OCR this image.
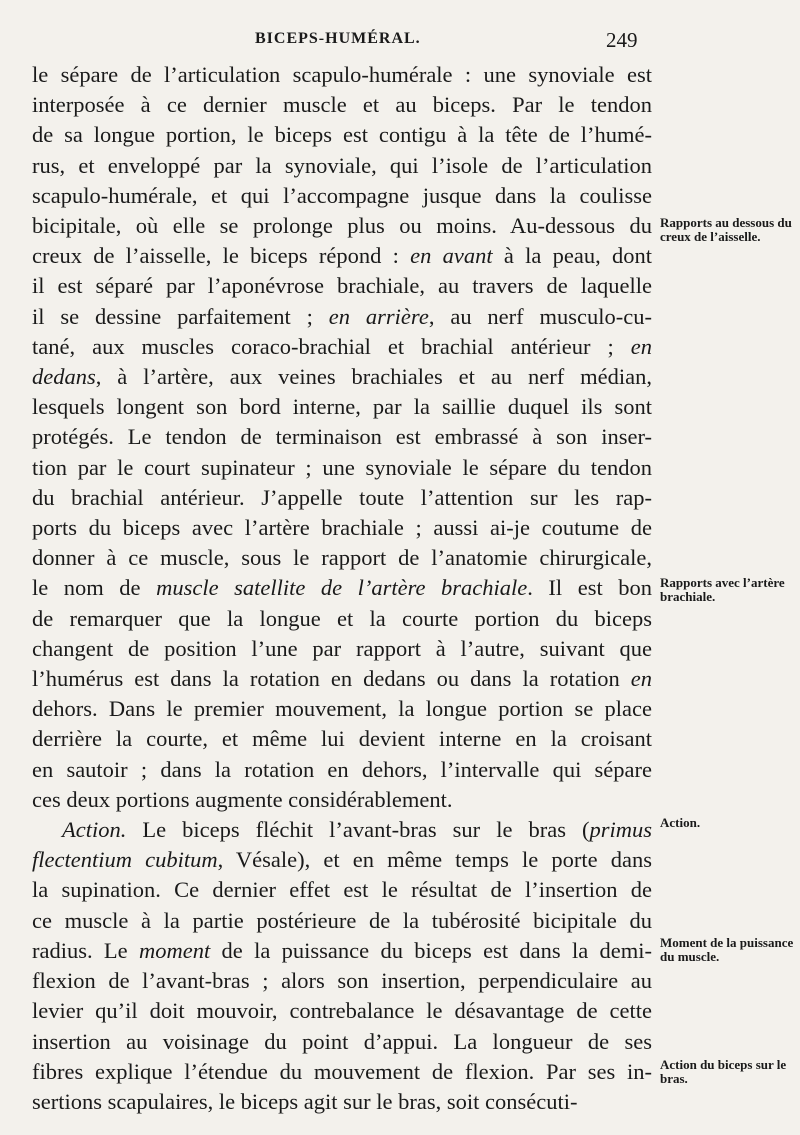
BICEPS-HUMÉRAL.	249
le sépare de l’articulation scapulo-humérale : une synoviale est
interposée à ce dernier muscle et au biceps. Par le tendon
de sa longue portion, le biceps est contigu à la tête de l’humé-
rus, et enveloppé par la synoviale, qui l’isole de l’articulation
scapulo-humérale, et qui l’accompagne jusque dans la coulisse
bicipitale, où elle se prolonge plus ou moins. Au-dessous du
creux de l’aisselle, le biceps répond : en avant à la peau, dont
il est séparé par l’aponévrose brachiale, au travers de laquelle
il se dessine parfaitement ; en arrière, au nerf musculo-cu-
tané, aux muscles coraco-brachial et brachial antérieur ; en
dedans, à l’artère, aux veines brachiales et au nerf médian,
lesquels longent son bord interne, par la saillie duquel ils sont
protégés. Le tendon de terminaison est embrassé à son inser-
tion par le court supinateur ; une synoviale le sépare du tendon
du brachial antérieur. J’appelle toute l’attention sur les rap-
ports du biceps avec l’artère brachiale ; aussi ai-je coutume de
donner à ce muscle, sous le rapport de l’anatomie chirurgicale,
le nom de muscle satellite de l’artère brachiale. Il est bon
de remarquer que la longue et la courte portion du biceps
changent de position l’une par rapport à l’autre, suivant que
l’humérus est dans la rotation en dedans ou dans la rotation en
dehors. Dans le premier mouvement, la longue portion se place
derrière la courte, et même lui devient interne en la croisant
en sautoir ; dans la rotation en dehors, l’intervalle qui sépare
ces deux portions augmente considérablement.
Action. Le biceps fléchit l’avant-bras sur le bras (primus
flectentium cubitum, Vésale), et en même temps le porte dans
la supination. Ce dernier effet est le résultat de l’insertion de
ce muscle à la partie postérieure de la tubérosité bicipitale du
radius. Le moment de la puissance du biceps est dans la demi-
flexion de l’avant-bras ; alors son insertion, perpendiculaire au
levier qu’il doit mouvoir, contrebalance le désavantage de cette
insertion au voisinage du point d’appui. La longueur de ses
fibres explique l’étendue du mouvement de flexion. Par ses in-
sertions scapulaires, le biceps agit sur le bras, soit consécuti-
Rapports au dessous du creux de l’aisselle.
Rapports avec l’artère brachiale.
Action.
Moment de la puissance du muscle.
Action du biceps sur le bras.
